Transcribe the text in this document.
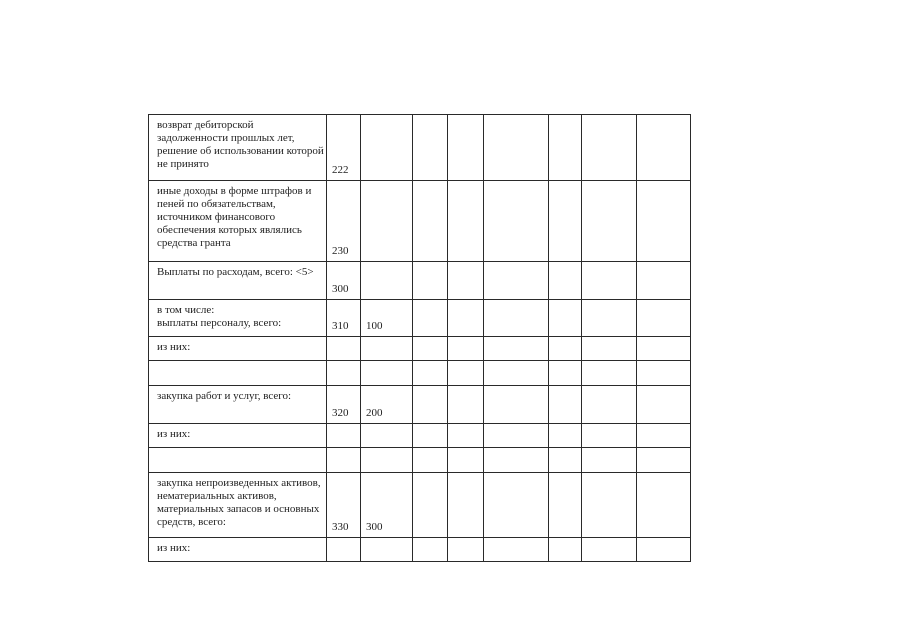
возврат дебиторской
задолженности прошлых лет,
решение об использовании которой
не принято	222							

иные доходы в форме штрафов и
пеней по обязательствам,
источником финансового
обеспечения которых являлись
средства гранта	230							

Выплаты по расходам, всего: <5>	300							

в том числе:
выплаты персоналу, всего:	310	100						

из них:								

закупка работ и услуг, всего:	320	200						

из них:								

закупка непроизведенных активов,
нематериальных активов,
материальных запасов и основных
средств, всего:	330	300						

из них:								
